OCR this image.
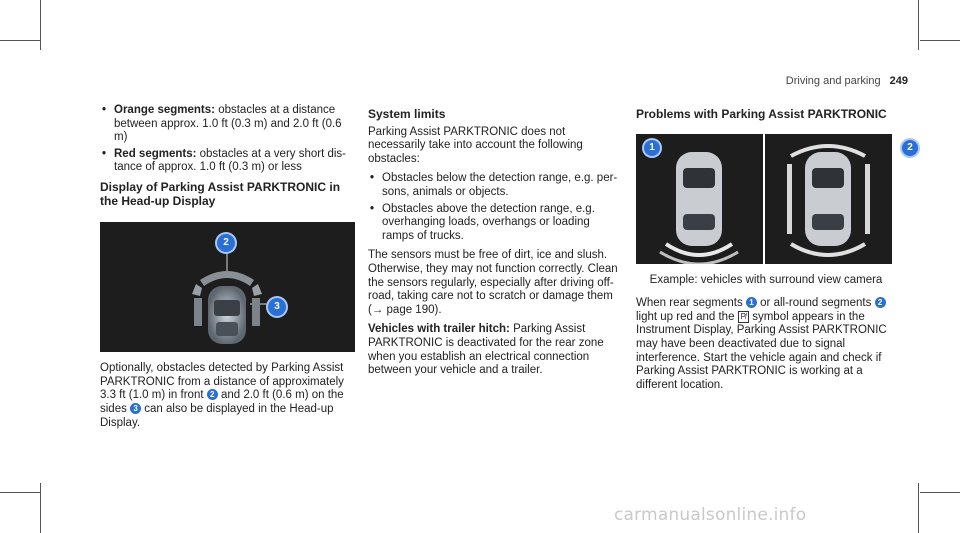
Driving and parking 249
• Orange segments: obstacles at a distance between approx. 1.0 ft (0.3 m) and 2.0 ft (0.6 m)
• Red segments: obstacles at a very short dis- tance of approx. 1.0 ft (0.3 m) or less
Display of Parking Assist PARKTRONIC in the Head-up Display
2
3

Optionally, obstacles detected by Parking Assist PARKTRONIC from a distance of approximately 3.3 ft (1.0 m) in front 2 and 2.0 ft (0.6 m) on the sides 3 can also be displayed in the Head-up Display.

System limits

Parking Assist PARKTRONIC does not necessarily take into account the following obstacles:

• Obstacles below the detection range, e.g. per- sons, animals or objects.
• Obstacles above the detection range, e.g. overhanging loads, overhangs or loading ramps of trucks.

The sensors must be free of dirt, ice and slush. Otherwise, they may not function correctly. Clean the sensors regularly, especially after driving off- road, taking care not to scratch or damage them (→ page 190).

Vehicles with trailer hitch: Parking Assist PARKTRONIC is deactivated for the rear zone when you establish an electrical connection between your vehicle and a trailer.

Problems with Parking Assist PARKTRONIC
1	2
Example: vehicles with surround view camera

When rear segments 1 or all-round segments 2 light up red and the P̸ symbol appears in the Instrument Display, Parking Assist PARKTRONIC may have been deactivated due to signal interference. Start the vehicle again and check if Parking Assist PARKTRONIC is working at a different location.

carmanualsonline.info
